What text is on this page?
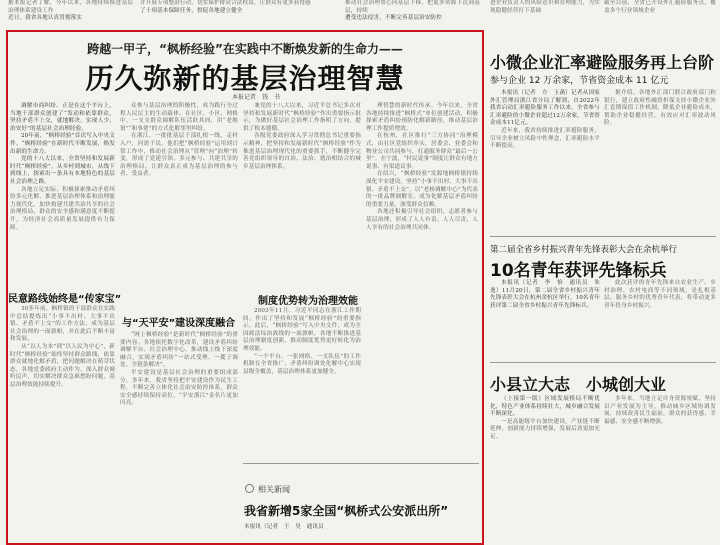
据本报记者了解，今年以来，各地持续推进基层治理体系建设工作
近日，我省各地认真贯彻落实
并开展专项整治行动，切实保护群众合法权益，让群众有更多获得感
了十项基本保障任务，督促各地建立健全
推动社会治理重心向基层下移，把更多资源下沉到基层，持续
遭受违法侵害，不断完善基层治安防控
跨越一甲子，“枫桥经验”在实践中不断焕发新的生命力——
历久弥新的基层治理智慧
本报记者　钱　书

调解市商纠纷、正是在这个平台上，当地干部群众创建了“发动和依靠群众，坚持矛盾不上交，就地解决，实现人少、治安好”的基层社会治理经验。

20年前，“枫桥经验”首次写入中央文件。“枫桥经验”在新时代不断发展，焕发出新的生命力。

党的十八大以来，全省坚持和发展新时代“枫桥经验”，从乡村到城市，从线下到线上，探索出一条具有本地特色的基层社会治理之路。

各地立足实际，积极探索推动矛盾纠纷多元化解，推进基层治理体系和治理能力现代化，加快构建共建共治共享的社会治理格局，群众的安全感和满意度不断提升，为经济社会高质量发展提供有力保障。

民意路线始终是“传家宝”

30多年前，枫桥镇的干部群众在实践中总结提炼出“小事不出村、大事不出镇、矛盾不上交”的工作方法，成为基层社会治理的一面旗帜，并在此后不断丰富和发展。

从“以人为本”到“以人民为中心”，新时代“枫桥经验”始终坚持群众路线，依靠群众就地化解矛盾，把问题解决在萌芽状态。各地党委政府主动作为，深入群众倾听民声，切实解决群众急难愁盼问题，基层治理效能持续提升。

众参与基层治理的积极性，成为践行全过程人民民主的生动载体。在社区、小区、网格中，一支支群众调解队伍活跃其间，用“老娘舅”“和事佬”的方式化解邻里纠纷。

在浙江，一批批基层干部扎根一线，走村入户，问需于民。他们把“枫桥经验”运用到日常工作中，推动社会治理从“管理”向“治理”转变，形成了党建引领、多元参与、共建共享的治理格局，让群众真正成为基层治理的参与者、受益者。

与“天平安”建设深度融合

“网上枫桥经验”是新时代“枫桥经验”的重要内容。各地依托数字化改革，建设矛盾纠纷调解平台、社会治理中心，推动线上线下深度融合，实现矛盾纠纷“一站式受理、一揽子调处、全链条解决”。

平安建设是基层社会治理的重要组成部分。多年来，我省坚持把平安建设作为民生工程，不断完善立体化社会治安防控体系，群众安全感持续保持高位，“平安浙江”金名片更加闪亮。

兼党的十八大以来，习近平总书记多次对坚持和发展新时代“枫桥经验”作出重要指示批示，为做好基层社会治理工作指明了方向，提供了根本遵循。

各级党委政府深入学习贯彻总书记重要指示精神，把坚持和发展新时代“枫桥经验”作为推进基层治理现代化的重要抓手，不断健全完善党组织领导的自治、法治、德治相结合的城乡基层治理体系。

制度优势转为治理效能

2003年11月，习近平同志在浙江工作期间，作出了坚持和发展“枫桥经验”的重要指示。此后，“枫桥经验”写入中央文件，成为全国政法综治战线的一面旗帜。各地不断推进基层治理制度创新，推动制度优势更好转化为治理效能。

“一个平台、一张网格、一支队伍”的工作机制在全省推广，矛盾纠纷调处化解中心实现县级全覆盖，基层治理体系更加健全。

相关新闻
我省新增5家全国“枫桥式公安派出所”
本报讯（记者　王　昊　通讯员

理智慧的新时代传承。今年以来，全省各地持续推进“枫桥式”单位创建活动，积极探索矛盾纠纷预防化解新路径，推动基层治理工作提质增效。

在杭州，社区推行“三方协同”治理模式，由社区党组织牵头，居委会、业委会和物业公司共同参与，打通服务群众“最后一公里”。在宁波，“村民说事”制度让群众有地方说事、有渠道议事。

在绍兴，“枫桥经验”发源地枫桥镇持续深化平安建设，坚持“小事不出村、大事不出镇、矛盾不上交”，以“老杨调解中心”为代表的一批品牌调解室，成为化解基层矛盾纠纷的重要力量，深受群众信赖。

各地还积极引导社会组织、志愿者参与基层治理，形成了人人有责、人人尽责、人人享有的社会治理共同体。

进企业负责人的风险意识和管理能力，为实现稳健经营打下基础
截至目前，全省已开设外汇避险服务点，覆盖多个行业领域企业
小微企业汇率避险服务再上台阶
参与企业 12 万余家，节省资金成本 11 亿元

本报讯（记者　方　玉菡）记者从国家外汇管理局浙江省分局了解到，自2022年我省启动汇率避险服务工作以来，全省参与汇率避险的小微企业超过12万余家，节省资金成本11亿元。

近年来，我省持续推进汇率避险服务，引导企业树立风险中性理念，汇率避险水平不断提高。

据介绍，各地外汇部门联合政府部门和银行，建立政府性融资担保支持小微企业外汇套期保值工作机制，降低企业避险成本，帮助企业稳健经营，有效应对汇率波动风险。

第二届全省乡村振兴青年先锋表彰大会在余杭举行
10名青年获评先锋标兵

本报讯（记者　李　怡　通讯员　朱　逸）11月20日，第二届全省乡村振兴青年先锋表彰大会在杭州余杭区举行。10名青年获评第二届全省乡村振兴青年先锋标兵。

此次获评的青年先锋来自农业生产、乡村治理、农村电商等不同领域，是扎根基层、服务乡村的优秀青年代表，将带动更多青年投身乡村振兴。

小县立大志　小城创大业

（上接第一版）区域发展格局不断优化，特色产业体系持续壮大，城乡融合发展不断深化。

一是高能级平台加快建设，产业链不断延伸，创新能力持续增强，发展后劲更加充足。

多年来，当地立足自身资源禀赋，坚持以产业发展为主导，推动城乡区域协调发展，持续改善民生福祉，群众的获得感、幸福感、安全感不断增强。
